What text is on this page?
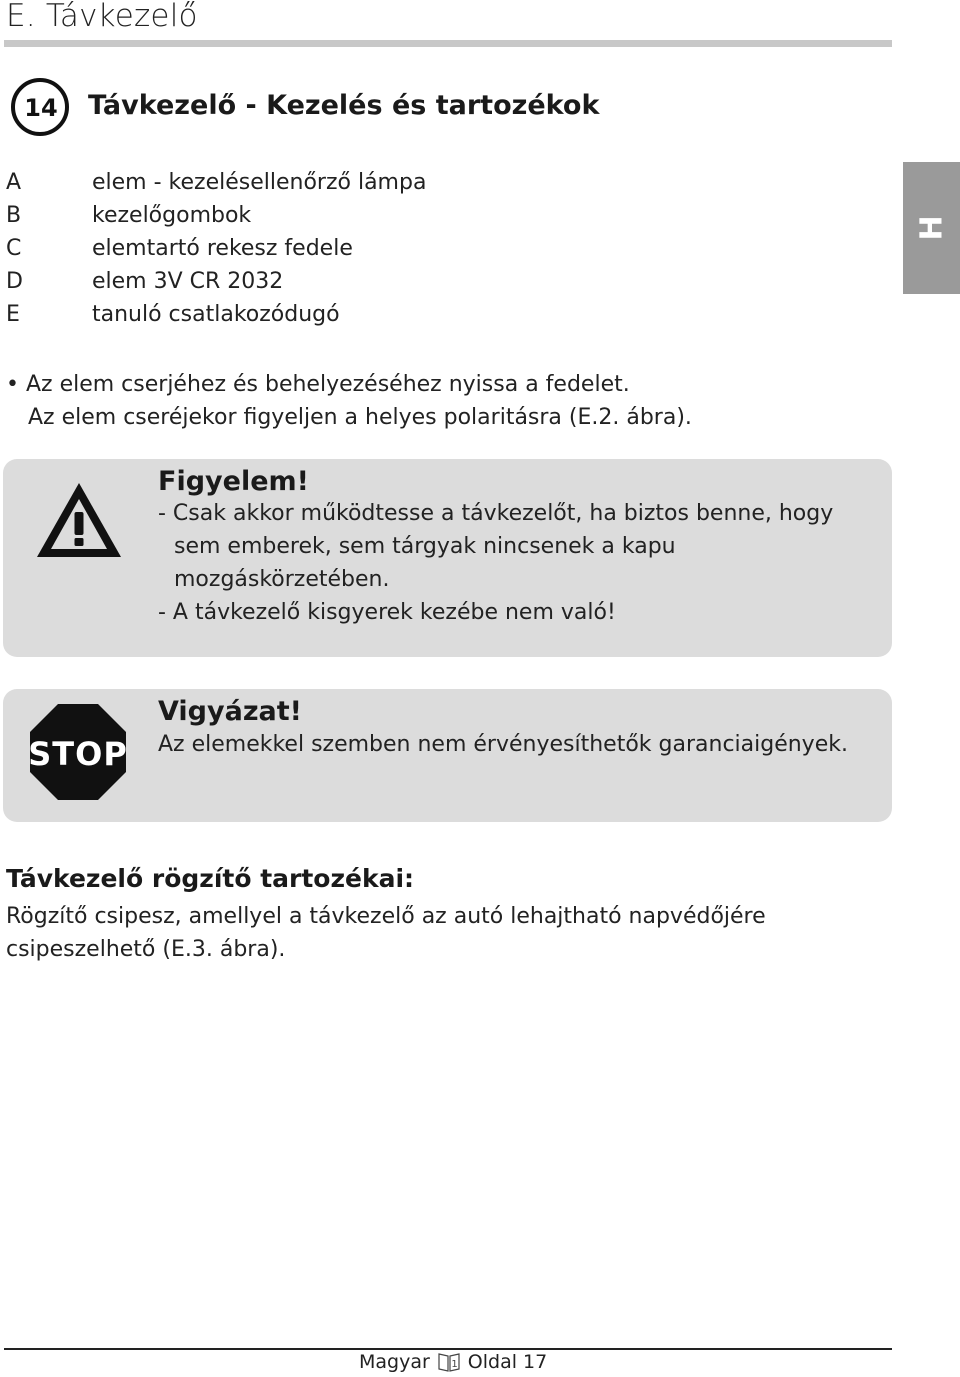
E. Távkezelő
H
14 Távkezelő - Kezelés és tartozékok
A	elem - kezelésellenőrző lámpa
B	kezelőgombok
C	elemtartó rekesz fedele
D	elem 3V CR 2032
E	tanuló csatlakozódugó
• Az elem cserjéhez és behelyezéséhez nyissa a fedelet.
Az elem cseréjekor figyeljen a helyes polaritásra (E.2. ábra).
Figyelem!
- Csak akkor működtesse a távkezelőt, ha biztos benne, hogy
sem emberek, sem tárgyak nincsenek a kapu
mozgáskörzetében.
- A távkezelő kisgyerek kezébe nem való!
STOP
Vigyázat!
Az elemekkel szemben nem érvényesíthetők garanciaigények.
Távkezelő rögzítő tartozékai:
Rögzítő csipesz, amellyel a távkezelő az autó lehajtható napvédőjére
csipeszelhető (E.3. ábra).
Magyar 1 Oldal 17
